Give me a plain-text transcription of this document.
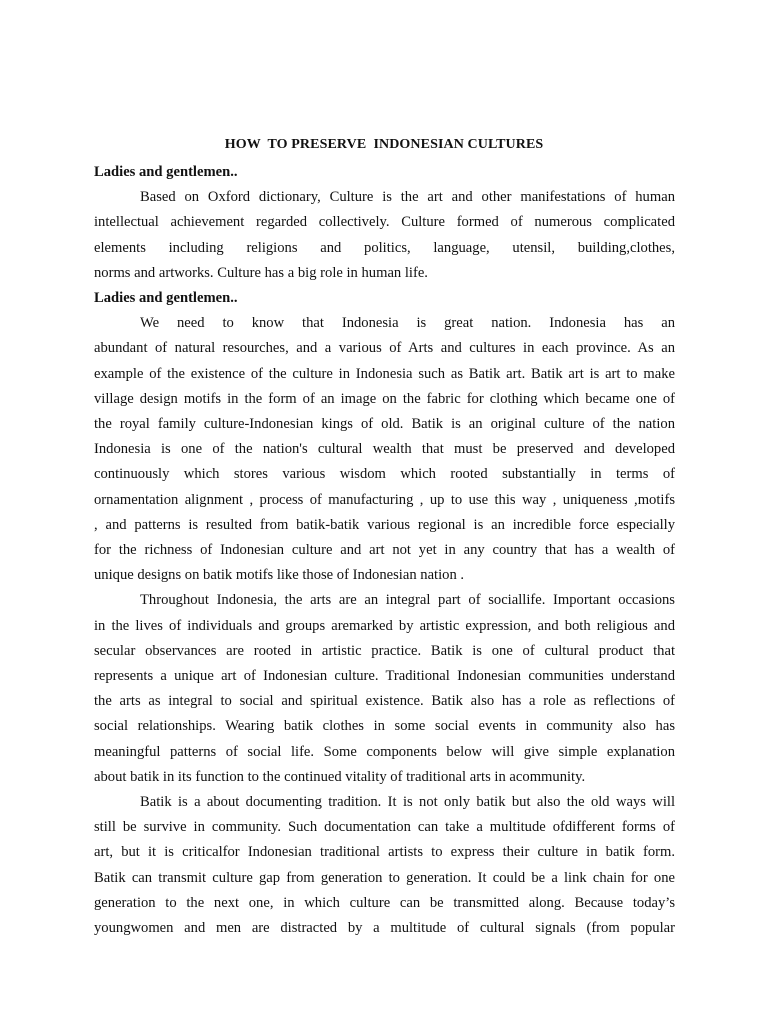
HOW  TO PRESERVE  INDONESIAN CULTURES

Ladies and gentlemen..

Based on Oxford dictionary, Culture is the art and other manifestations of human
intellectual achievement regarded collectively. Culture formed of numerous complicated
elements including religions and politics, language, utensil, building,clothes,
norms and artworks. Culture has a big role in human life.

Ladies and gentlemen..

We need to know that Indonesia is great nation. Indonesia has an
abundant of natural resourches, and a various of Arts and cultures in each province. As an
example of the existence of the culture in Indonesia such as Batik art. Batik art is art to make
village design motifs in the form of an image on the fabric for clothing which became one of
the royal family culture-Indonesian kings of old. Batik is an original culture of the nation
Indonesia is one of the nation's cultural wealth that must be preserved and developed
continuously which stores various wisdom which rooted substantially in terms of
ornamentation alignment , process of manufacturing , up to use this way , uniqueness ,motifs
, and patterns is resulted from batik-batik various regional is an incredible force especially
for the richness of Indonesian culture and art not yet in any country that has a wealth of
unique designs on batik motifs like those of Indonesian nation .

Throughout Indonesia, the arts are an integral part of sociallife. Important occasions
in the lives of individuals and groups aremarked by artistic expression, and both religious and
secular observances are rooted in artistic practice. Batik is one of cultural product that
represents a unique art of Indonesian culture. Traditional Indonesian communities understand
the arts as integral to social and spiritual existence. Batik also has a role as reflections of
social relationships. Wearing batik clothes in some social events in community also has
meaningful patterns of social life. Some components below will give simple explanation
about batik in its function to the continued vitality of traditional arts in acommunity.

Batik is a about documenting tradition. It is not only batik but also the old ways will
still be survive in community. Such documentation can take a multitude ofdifferent forms of
art, but it is criticalfor Indonesian traditional artists to express their culture in batik form.
Batik can transmit culture gap from generation to generation. It could be a link chain for one
generation to the next one, in which culture can be transmitted along. Because today’s
youngwomen and men are distracted by a multitude of cultural signals (from popular
